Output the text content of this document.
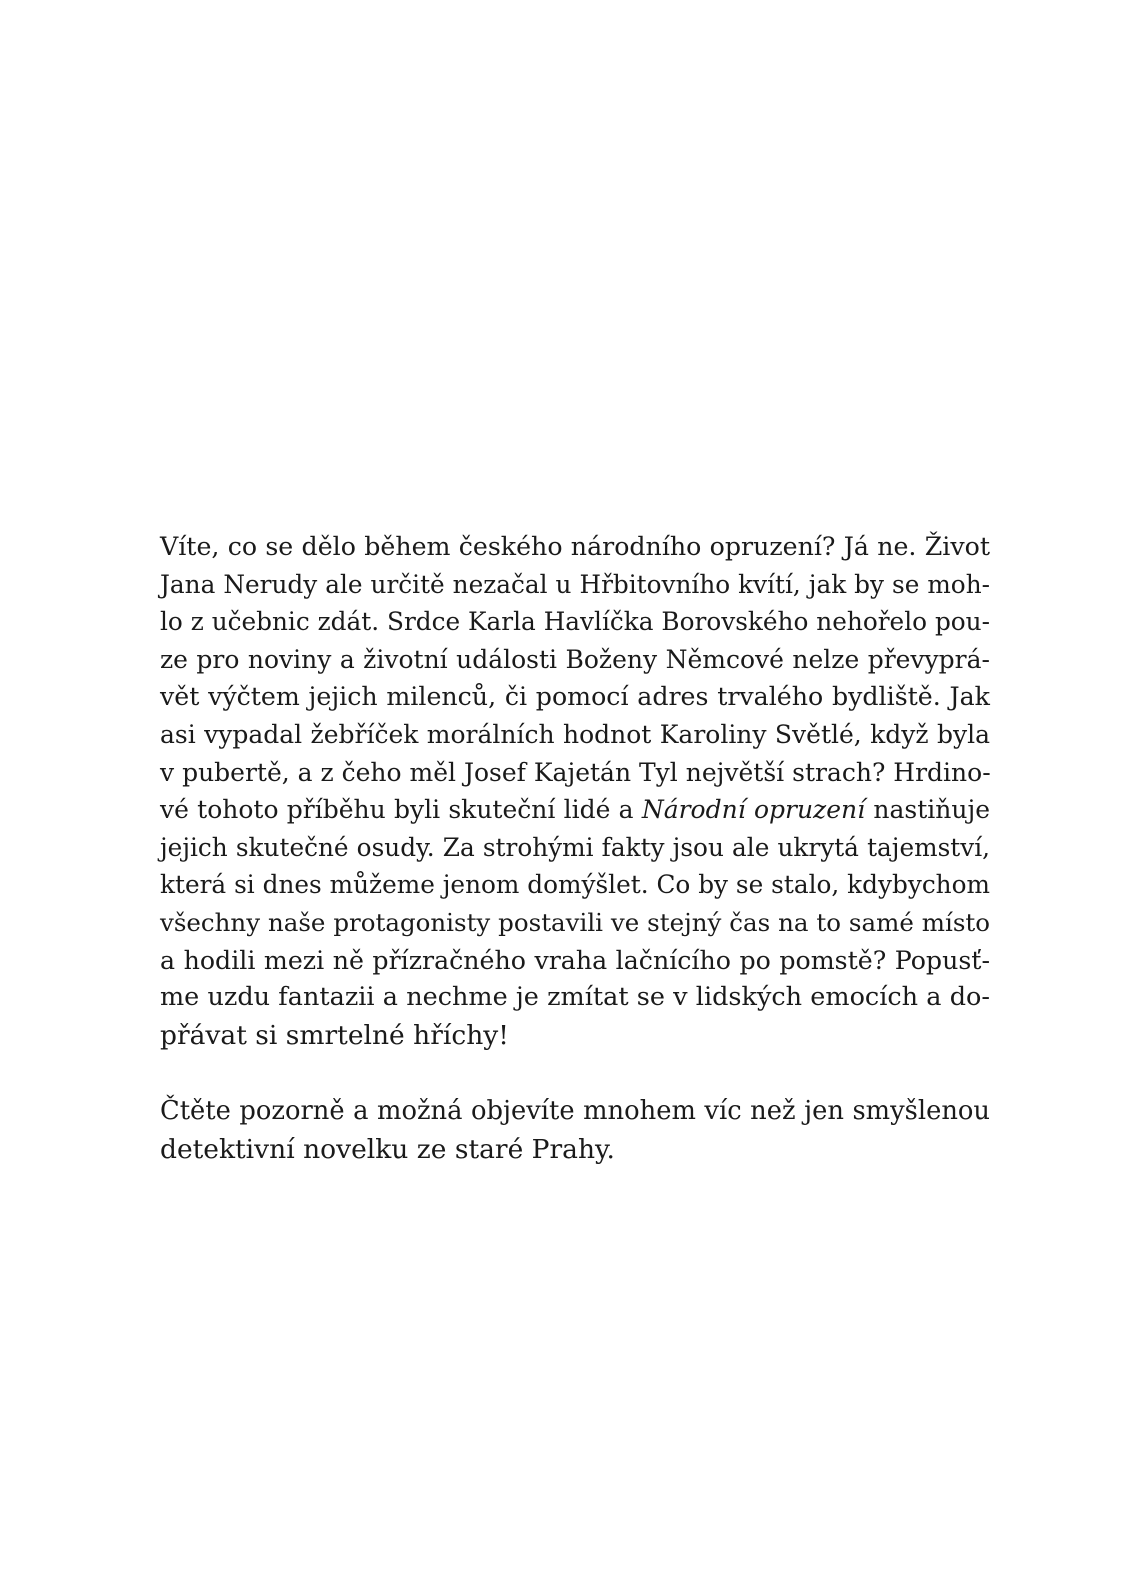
Víte, co se dělo během českého národního opruzení? Já ne. Život
Jana Nerudy ale určitě nezačal u Hřbitovního kvítí, jak by se moh-
lo z učebnic zdát. Srdce Karla Havlíčka Borovského nehořelo pou-
ze pro noviny a životní události Boženy Němcové nelze převyprá-
vět výčtem jejich milenců, či pomocí adres trvalého bydliště. Jak
asi vypadal žebříček morálních hodnot Karoliny Světlé, když byla
v pubertě, a z čeho měl Josef Kajetán Tyl největší strach? Hrdino-
vé tohoto příběhu byli skuteční lidé a Národní opruzení nastiňuje
jejich skutečné osudy. Za strohými fakty jsou ale ukrytá tajemství,
která si dnes můžeme jenom domýšlet. Co by se stalo, kdybychom
všechny naše protagonisty postavili ve stejný čas na to samé místo
a hodili mezi ně přízračného vraha lačnícího po pomstě? Popusť-
me uzdu fantazii a nechme je zmítat se v lidských emocích a do-
přávat si smrtelné hříchy!
Čtěte pozorně a možná objevíte mnohem víc než jen smyšlenou
detektivní novelku ze staré Prahy.
